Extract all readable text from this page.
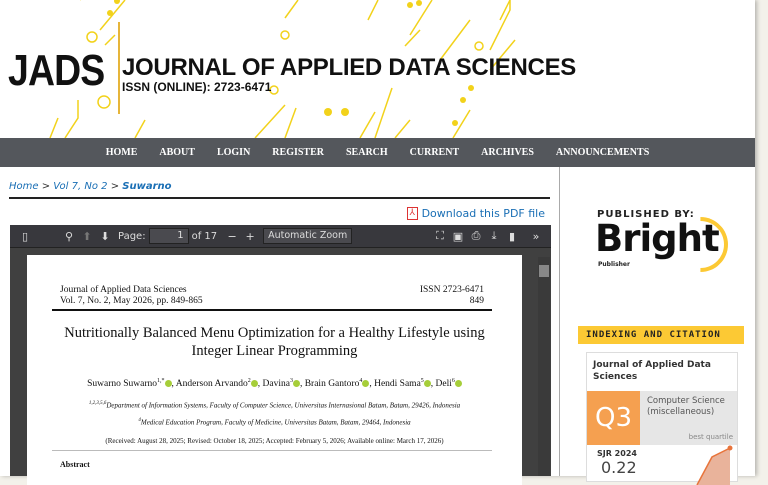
JADS JOURNAL OF APPLIED DATA SCIENCES
ISSN (ONLINE): 2723-6471
HOME	ABOUT	LOGIN	REGISTER	SEARCH	CURRENT	ARCHIVES	ANNOUNCEMENTS
Home > Vol 7, No 2 > Suwarno
⅄ Download this PDF file
▯	⚲ ⬆ ⬇ Page:	1 of 17 − +	Automatic Zoom	⛶ ▣ ⎙	⤓	▮	»
Journal of Applied Data Sciences
Vol. 7, No. 2, May 2026, pp. 849-865
ISSN 2723-6471
849
Nutritionally Balanced Menu Optimization for a Healthy Lifestyle using
Integer Linear Programming
Suwarno Suwarno$^{1,*}$ , Anderson Arvando$^2$ , Davina$^3$ , Brain Gantoro$^4$ , Hendi Sama$^5$ , Deli$^6$
$^{1,2,3,5,6}$Department of Information Systems, Faculty of Computer Science, Universitas Internasional Batam, Batam, 29426, Indonesia
$^4$Medical Education Program, Faculty of Medicine, Universitas Batam, Batam, 29464, Indonesia
(Received: August 28, 2025; Revised: October 18, 2025; Accepted: February 5, 2026; Available online: March 17, 2026)
Abstract
PUBLISHED BY:
Bright
Publisher
INDEXING AND CITATION
Journal of Applied Data Sciences
Q3
Computer Science (miscellaneous)
best quartile
SJR 2024
0.22
